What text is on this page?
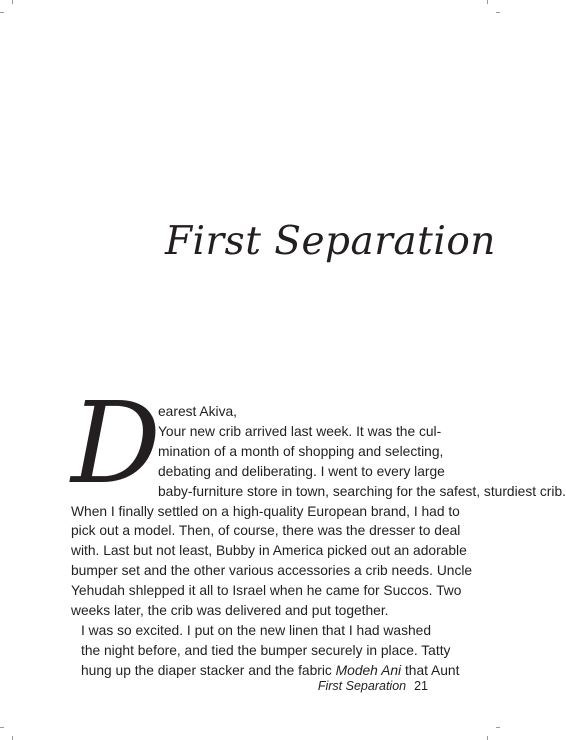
First Separation
D

earest Akiva,
Your new crib arrived last week. It was the cul-
mination of a month of shopping and selecting,
debating and deliberating. I went to every large
baby-furniture store in town, searching for the safest, sturdiest crib.
When I finally settled on a high-quality European brand, I had to
pick out a model. Then, of course, there was the dresser to deal
with. Last but not least, Bubby in America picked out an adorable
bumper set and the other various accessories a crib needs. Uncle
Yehudah shlepped it all to Israel when he came for Succos. Two
weeks later, the crib was delivered and put together.

I was so excited. I put on the new linen that I had washed
the night before, and tied the bumper securely in place. Tatty
hung up the diaper stacker and the fabric Modeh Ani that Aunt

First Separation 21
